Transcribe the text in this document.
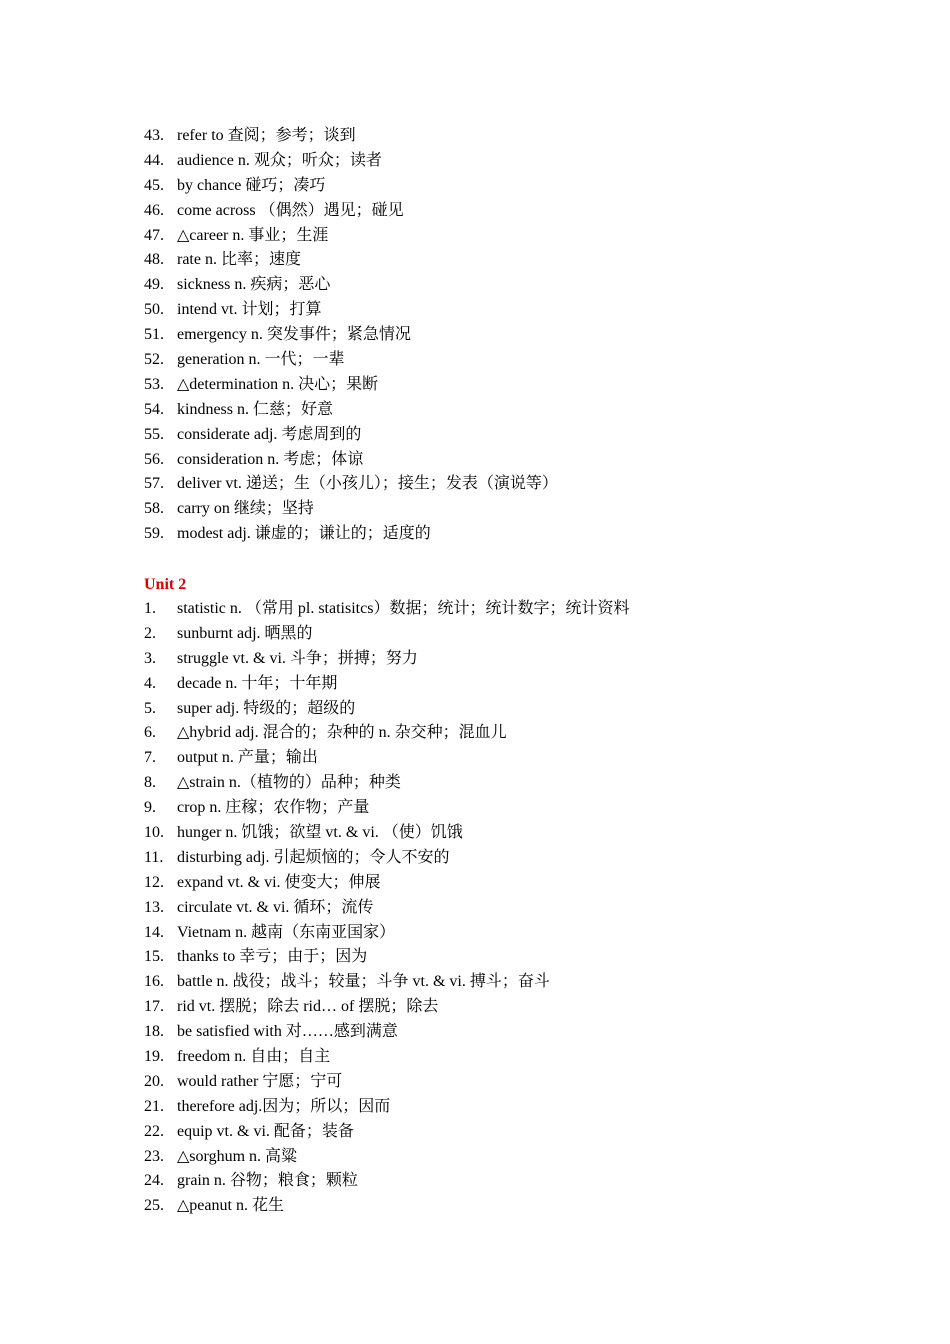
43. refer to 查阅；参考；谈到
44. audience n. 观众；听众；读者
45. by chance 碰巧；凑巧
46. come across （偶然）遇见；碰见
47. △career n. 事业；生涯
48. rate n. 比率；速度
49. sickness n. 疾病；恶心
50. intend vt. 计划；打算
51. emergency n. 突发事件；紧急情况
52. generation n. 一代；一辈
53. △determination n. 决心；果断
54. kindness n. 仁慈；好意
55. considerate adj. 考虑周到的
56. consideration n. 考虑；体谅
57. deliver vt. 递送；生（小孩儿）；接生；发表（演说等）
58. carry on 继续；坚持
59. modest adj. 谦虚的；谦让的；适度的
Unit 2
1.	statistic n. （常用 pl. statisitcs）数据；统计；统计数字；统计资料
2.	sunburnt adj. 晒黑的
3.	struggle vt. & vi. 斗争；拼搏；努力
4.	decade n. 十年；十年期
5.	super adj. 特级的；超级的
6.	△hybrid adj. 混合的；杂种的 n. 杂交种；混血儿
7.	output n. 产量；输出
8.	△strain n.（植物的）品种；种类
9.	crop n. 庄稼；农作物；产量
10. hunger n. 饥饿；欲望 vt. & vi. （使）饥饿
11. disturbing adj. 引起烦恼的；令人不安的
12. expand vt. & vi. 使变大；伸展
13. circulate vt. & vi. 循环；流传
14. Vietnam n. 越南（东南亚国家）
15. thanks to 幸亏；由于；因为
16. battle n. 战役；战斗；较量；斗争 vt. & vi. 搏斗；奋斗
17. rid vt. 摆脱；除去 rid… of 摆脱；除去
18. be satisfied with 对……感到满意
19. freedom n. 自由；自主
20. would rather 宁愿；宁可
21. therefore adj.因为；所以；因而
22. equip vt. & vi. 配备；装备
23. △sorghum n. 高粱
24. grain n. 谷物；粮食；颗粒
25. △peanut n. 花生
